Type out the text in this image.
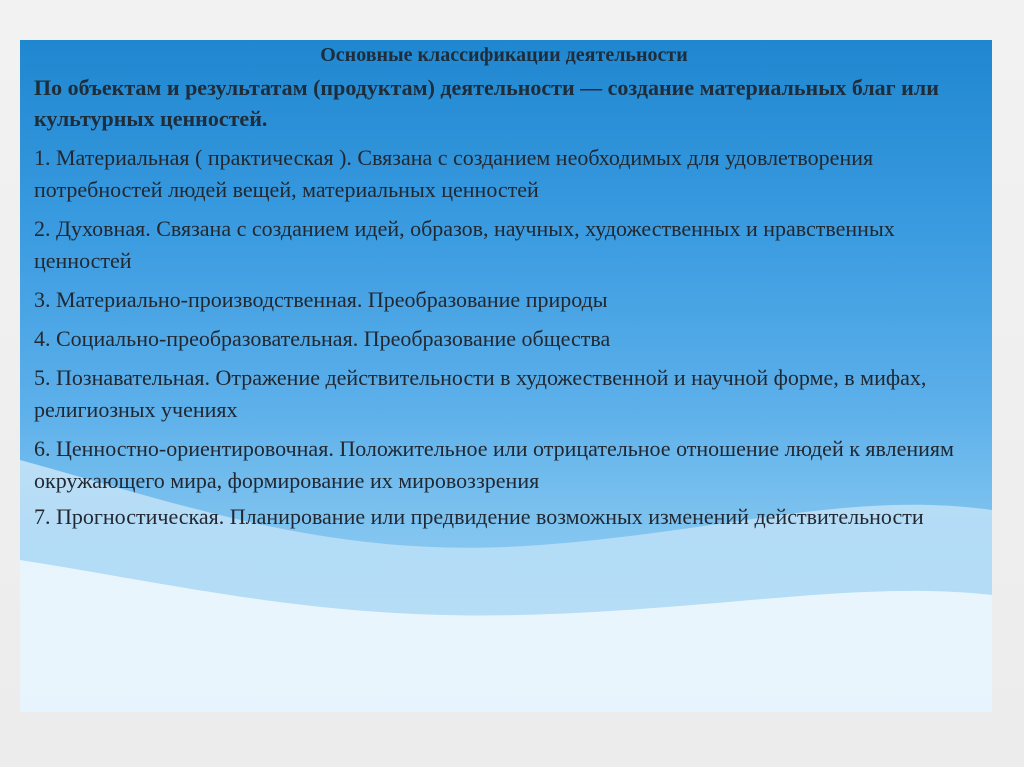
Основные классификации деятельности
По объектам и результатам (продуктам) деятельности — создание материальных благ или культурных ценностей.
1. Материальная ( практическая ). Связана с созданием необходимых для удовлетворения потребностей людей вещей, материальных ценностей
2. Духовная. Связана с созданием идей, образов, научных, художественных и нравственных ценностей
3. Материально-производственная. Преобразование природы
4. Социально-преобразовательная. Преобразование общества
5. Познавательная. Отражение действительности в художественной и научной форме, в мифах, религиозных учениях
6. Ценностно-ориентировочная. Положительное или отрицательное отношение людей к явлениям окружающего мира, формирование их мировоззрения
7. Прогностическая. Планирование или предвидение возможных изменений действительности
